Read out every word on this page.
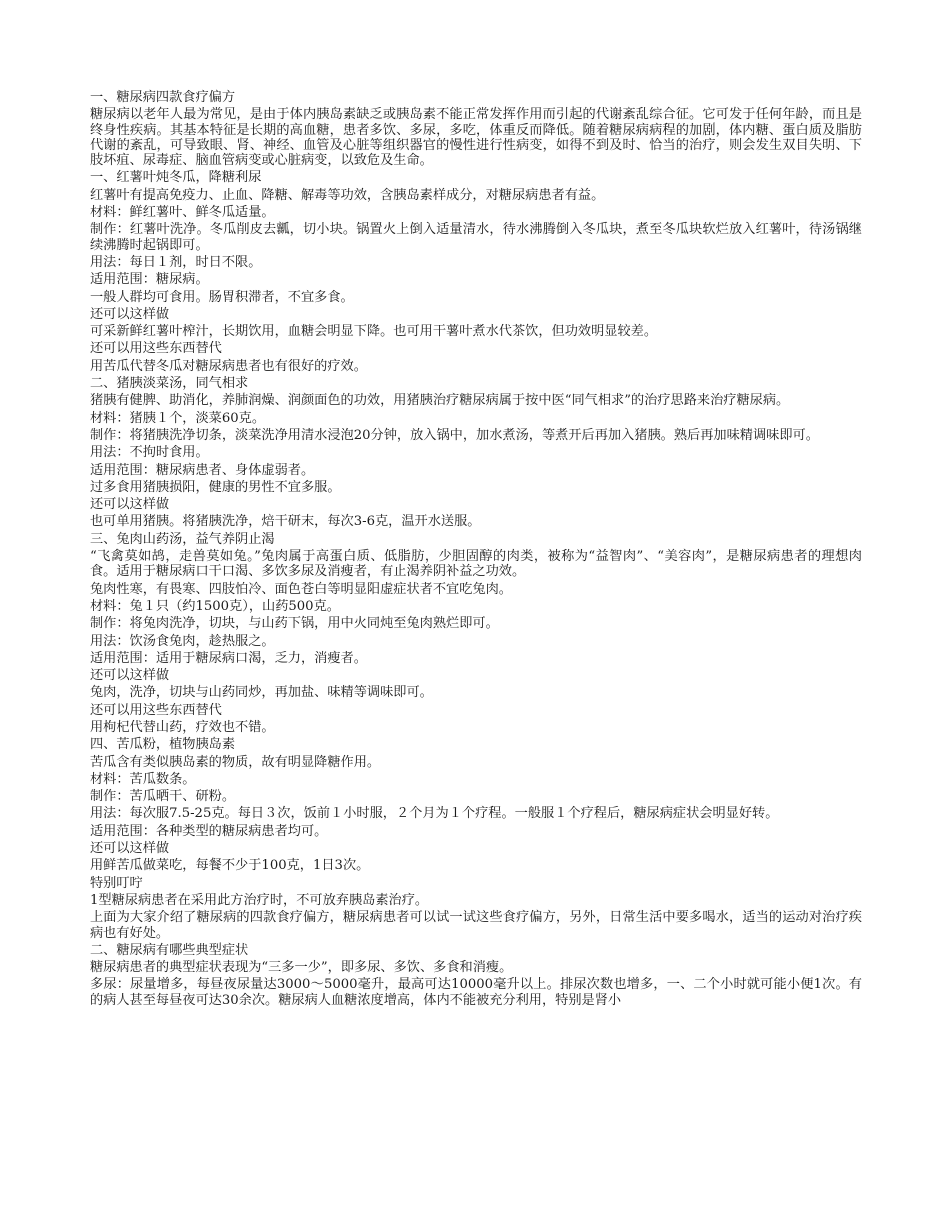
一、糖尿病四款食疗偏方

糖尿病以老年人最为常见，是由于体内胰岛素缺乏或胰岛素不能正常发挥作用而引起的代谢紊乱综合征。它可发于任何年龄，而且是终身性疾病。其基本特征是长期的高血糖，患者多饮、多尿，多吃，体重反而降低。随着糖尿病病程的加剧，体内糖、蛋白质及脂肪代谢的紊乱，可导致眼、肾、神经、血管及心脏等组织器官的慢性进行性病变，如得不到及时、恰当的治疗，则会发生双目失明、下肢坏疽、尿毒症、脑血管病变或心脏病变，以致危及生命。

一、红薯叶炖冬瓜，降糖利尿

红薯叶有提高免疫力、止血、降糖、解毒等功效，含胰岛素样成分，对糖尿病患者有益。

材料：鲜红薯叶、鲜冬瓜适量。

制作：红薯叶洗净。冬瓜削皮去瓤，切小块。锅置火上倒入适量清水，待水沸腾倒入冬瓜块，煮至冬瓜块软烂放入红薯叶，待汤锅继续沸腾时起锅即可。

用法：每日１剂，时日不限。

适用范围：糖尿病。

一般人群均可食用。肠胃积滞者，不宜多食。

还可以这样做

可采新鲜红薯叶榨汁，长期饮用，血糖会明显下降。也可用干薯叶煮水代茶饮，但功效明显较差。

还可以用这些东西替代

用苦瓜代替冬瓜对糖尿病患者也有很好的疗效。

二、猪胰淡菜汤，同气相求

猪胰有健脾、助消化，养肺润燥、润颜面色的功效，用猪胰治疗糖尿病属于按中医“同气相求”的治疗思路来治疗糖尿病。

材料：猪胰１个，淡菜60克。

制作：将猪胰洗净切条，淡菜洗净用清水浸泡20分钟，放入锅中，加水煮汤，等煮开后再加入猪胰。熟后再加味精调味即可。

用法：不拘时食用。

适用范围：糖尿病患者、身体虚弱者。

过多食用猪胰损阳，健康的男性不宜多服。

还可以这样做

也可单用猪胰。将猪胰洗净，焙干研末，每次3-6克，温开水送服。

三、兔肉山药汤，益气养阴止渴

“飞禽莫如鸪，走兽莫如兔。”兔肉属于高蛋白质、低脂肪，少胆固醇的肉类，被称为“益智肉”、“美容肉”，是糖尿病患者的理想肉食。适用于糖尿病口干口渴、多饮多尿及消瘦者，有止渴养阴补益之功效。

兔肉性寒，有畏寒、四肢怕冷、面色苍白等明显阳虚症状者不宜吃兔肉。

材料：兔１只（约1500克），山药500克。

制作：将兔肉洗净，切块，与山药下锅，用中火同炖至兔肉熟烂即可。

用法：饮汤食兔肉，趁热服之。

适用范围：适用于糖尿病口渴，乏力，消瘦者。

还可以这样做

兔肉，洗净，切块与山药同炒，再加盐、味精等调味即可。

还可以用这些东西替代

用枸杞代替山药，疗效也不错。

四、苦瓜粉，植物胰岛素

苦瓜含有类似胰岛素的物质，故有明显降糖作用。

材料：苦瓜数条。

制作：苦瓜晒干、研粉。

用法：每次服7.5-25克。每日３次，饭前１小时服，２个月为１个疗程。一般服１个疗程后，糖尿病症状会明显好转。

适用范围：各种类型的糖尿病患者均可。

还可以这样做

用鲜苦瓜做菜吃，每餐不少于100克，1日3次。

特别叮咛

1型糖尿病患者在采用此方治疗时，不可放弃胰岛素治疗。

上面为大家介绍了糖尿病的四款食疗偏方，糖尿病患者可以试一试这些食疗偏方，另外，日常生活中要多喝水，适当的运动对治疗疾病也有好处。

二、糖尿病有哪些典型症状

糖尿病患者的典型症状表现为“三多一少”，即多尿、多饮、多食和消瘦。

多尿：尿量增多，每昼夜尿量达3000～5000毫升，最高可达10000毫升以上。排尿次数也增多，一、二个小时就可能小便1次。有的病人甚至每昼夜可达30余次。糖尿病人血糖浓度增高，体内不能被充分利用，特别是肾小
